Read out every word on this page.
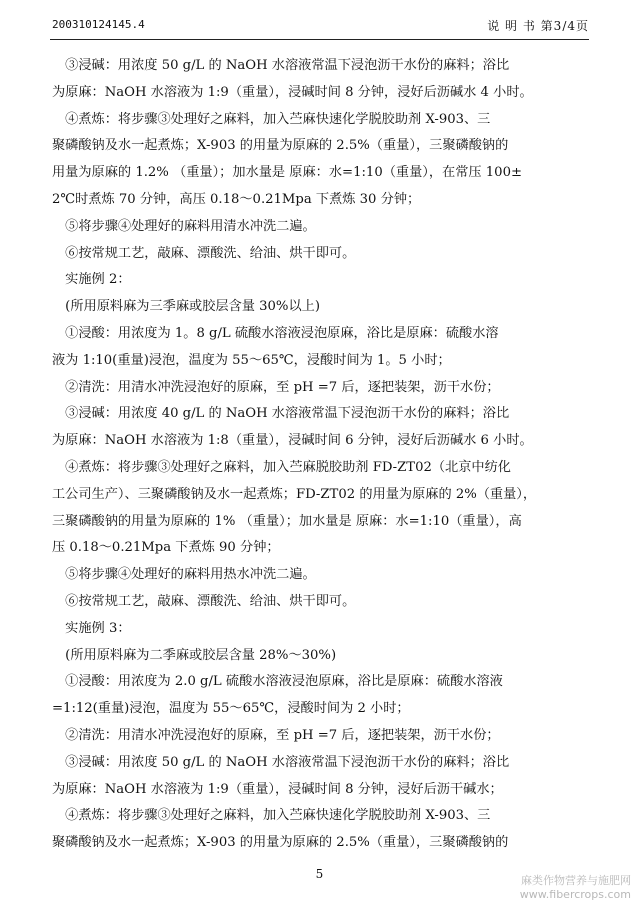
200310124145.4	说 明 书 第3/4页
　③浸碱：用浓度 50 g/L 的 NaOH 水溶液常温下浸泡沥干水份的麻料；浴比
为原麻：NaOH 水溶液为 1:9（重量），浸碱时间 8 分钟，浸好后沥碱水 4 小时。
　④煮炼：将步骤③处理好之麻料，加入苎麻快速化学脱胶助剂 X-903、三
聚磷酸钠及水一起煮炼；X-903 的用量为原麻的 2.5%（重量），三聚磷酸钠的
用量为原麻的 1.2% （重量）；加水量是 原麻：水=1:10（重量），在常压 100±
2℃时煮炼 70 分钟，高压 0.18～0.21Mpa 下煮炼 30 分钟；
　⑤将步骤④处理好的麻料用清水冲洗二遍。
　⑥按常规工艺，敲麻、漂酸洗、给油、烘干即可。
　实施例 2：
　(所用原料麻为三季麻或胶层含量 30%以上)
　①浸酸：用浓度为 1。8 g/L 硫酸水溶液浸泡原麻，浴比是原麻：硫酸水溶
液为 1:10(重量)浸泡，温度为 55～65℃，浸酸时间为 1。5 小时；
　②清洗：用清水冲洗浸泡好的原麻，至 pH =7 后，逐把装架，沥干水份；
　③浸碱：用浓度 40 g/L 的 NaOH 水溶液常温下浸泡沥干水份的麻料；浴比
为原麻：NaOH 水溶液为 1:8（重量），浸碱时间 6 分钟，浸好后沥碱水 6 小时。
　④煮炼：将步骤③处理好之麻料，加入苎麻脱胶助剂 FD-ZT02（北京中纺化
工公司生产）、三聚磷酸钠及水一起煮炼；FD-ZT02 的用量为原麻的 2%（重量），
三聚磷酸钠的用量为原麻的 1% （重量）；加水量是 原麻：水=1:10（重量），高
压 0.18～0.21Mpa 下煮炼 90 分钟；
　⑤将步骤④处理好的麻料用热水冲洗二遍。
　⑥按常规工艺，敲麻、漂酸洗、给油、烘干即可。
　实施例 3：
　(所用原料麻为二季麻或胶层含量 28%～30%)
　①浸酸：用浓度为 2.0 g/L 硫酸水溶液浸泡原麻，浴比是原麻：硫酸水溶液
=1:12(重量)浸泡，温度为 55～65℃，浸酸时间为 2 小时；
　②清洗：用清水冲洗浸泡好的原麻，至 pH =7 后，逐把装架，沥干水份；
　③浸碱：用浓度 50 g/L 的 NaOH 水溶液常温下浸泡沥干水份的麻料；浴比
为原麻：NaOH 水溶液为 1:9（重量），浸碱时间 8 分钟，浸好后沥干碱水；
　④煮炼：将步骤③处理好之麻料，加入苎麻快速化学脱胶助剂 X-903、三
聚磷酸钠及水一起煮炼；X-903 的用量为原麻的 2.5%（重量），三聚磷酸钠的
5	麻类作物营养与施肥网
www.fibercrops.com
